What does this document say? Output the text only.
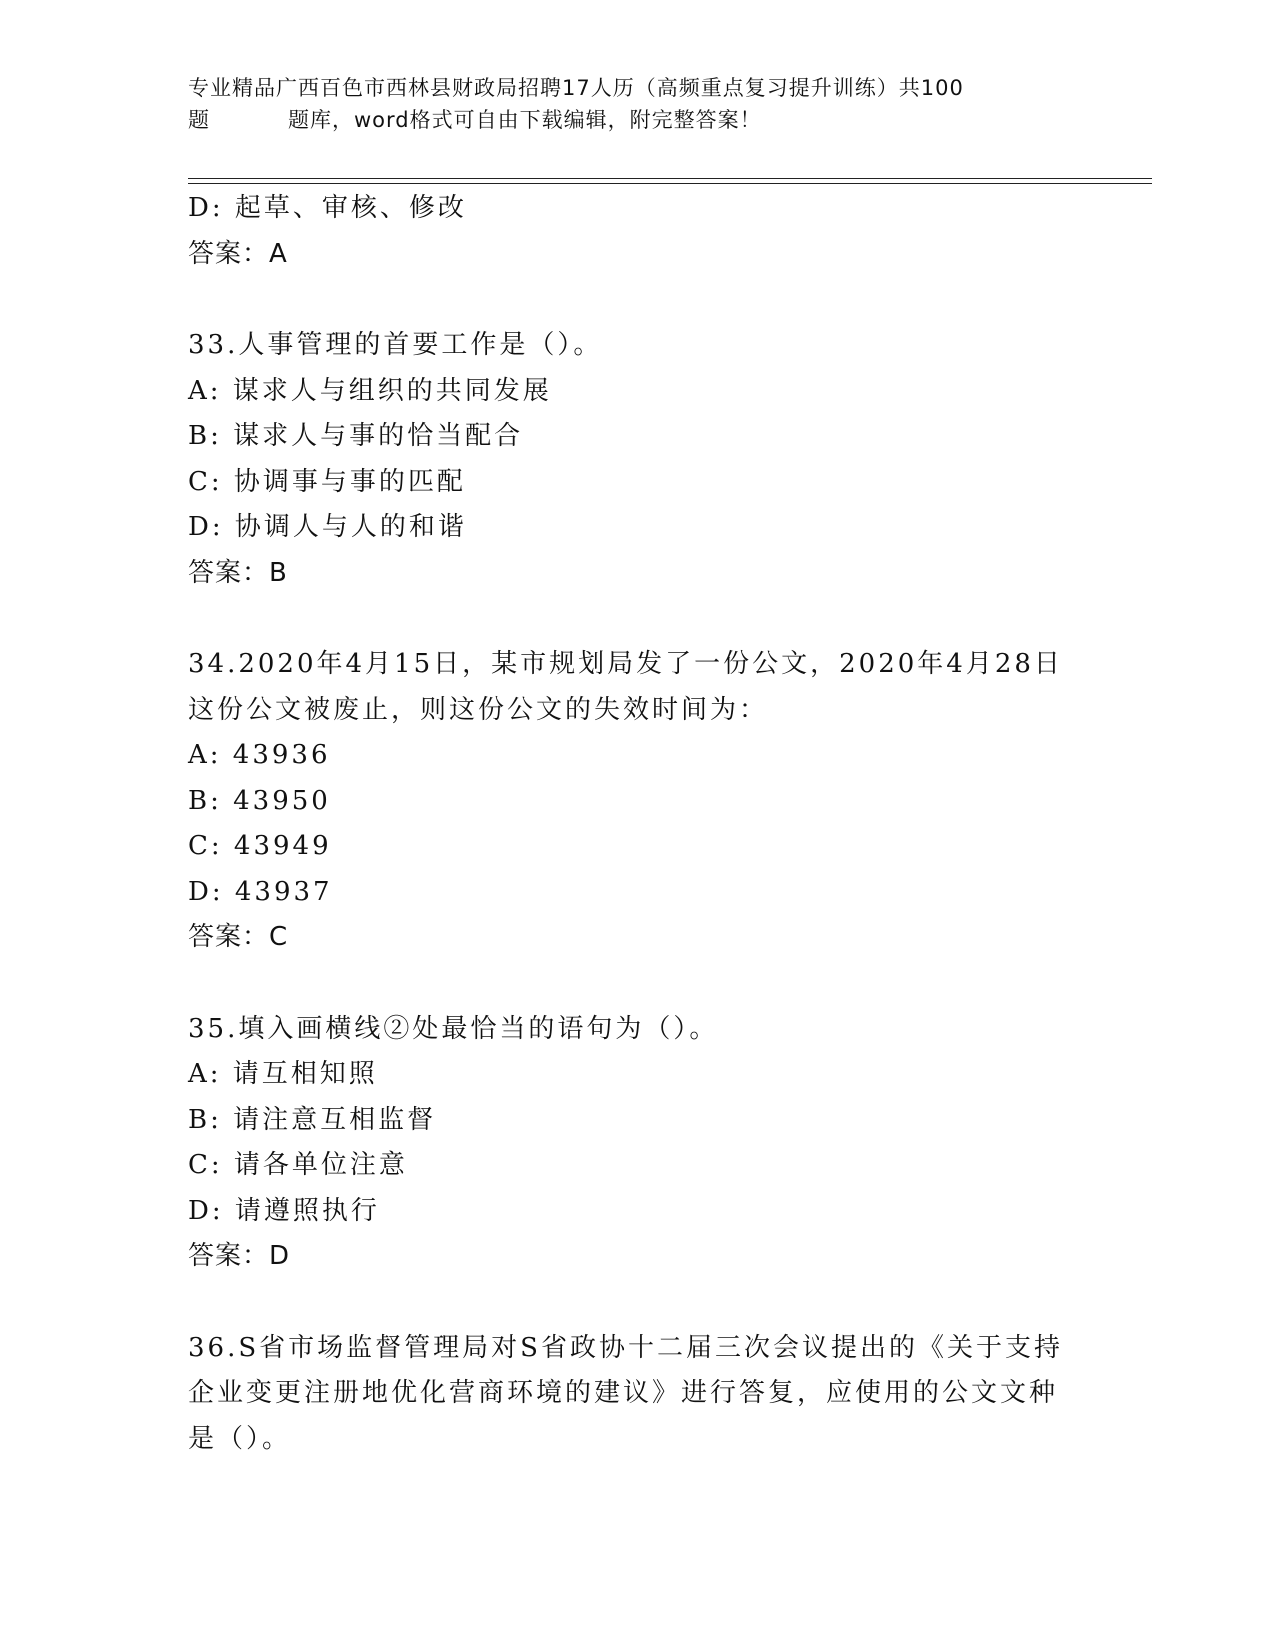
专业精品广西百色市西林县财政局招聘17人历（高频重点复习提升训练）共100
题	题库，word格式可自由下载编辑，附完整答案！
D: 起草、审核、修改
答案：A
33.人事管理的首要工作是（）。
A: 谋求人与组织的共同发展
B: 谋求人与事的恰当配合
C: 协调事与事的匹配
D: 协调人与人的和谐
答案：B
34.2020年4月15日，某市规划局发了一份公文，2020年4月28日
这份公文被废止，则这份公文的失效时间为：
A: 43936
B: 43950
C: 43949
D: 43937
答案：C
35.填入画横线②处最恰当的语句为（）。
A: 请互相知照
B: 请注意互相监督
C: 请各单位注意
D: 请遵照执行
答案：D
36.S省市场监督管理局对S省政协十二届三次会议提出的《关于支持
企业变更注册地优化营商环境的建议》进行答复，应使用的公文文种
是（）。
